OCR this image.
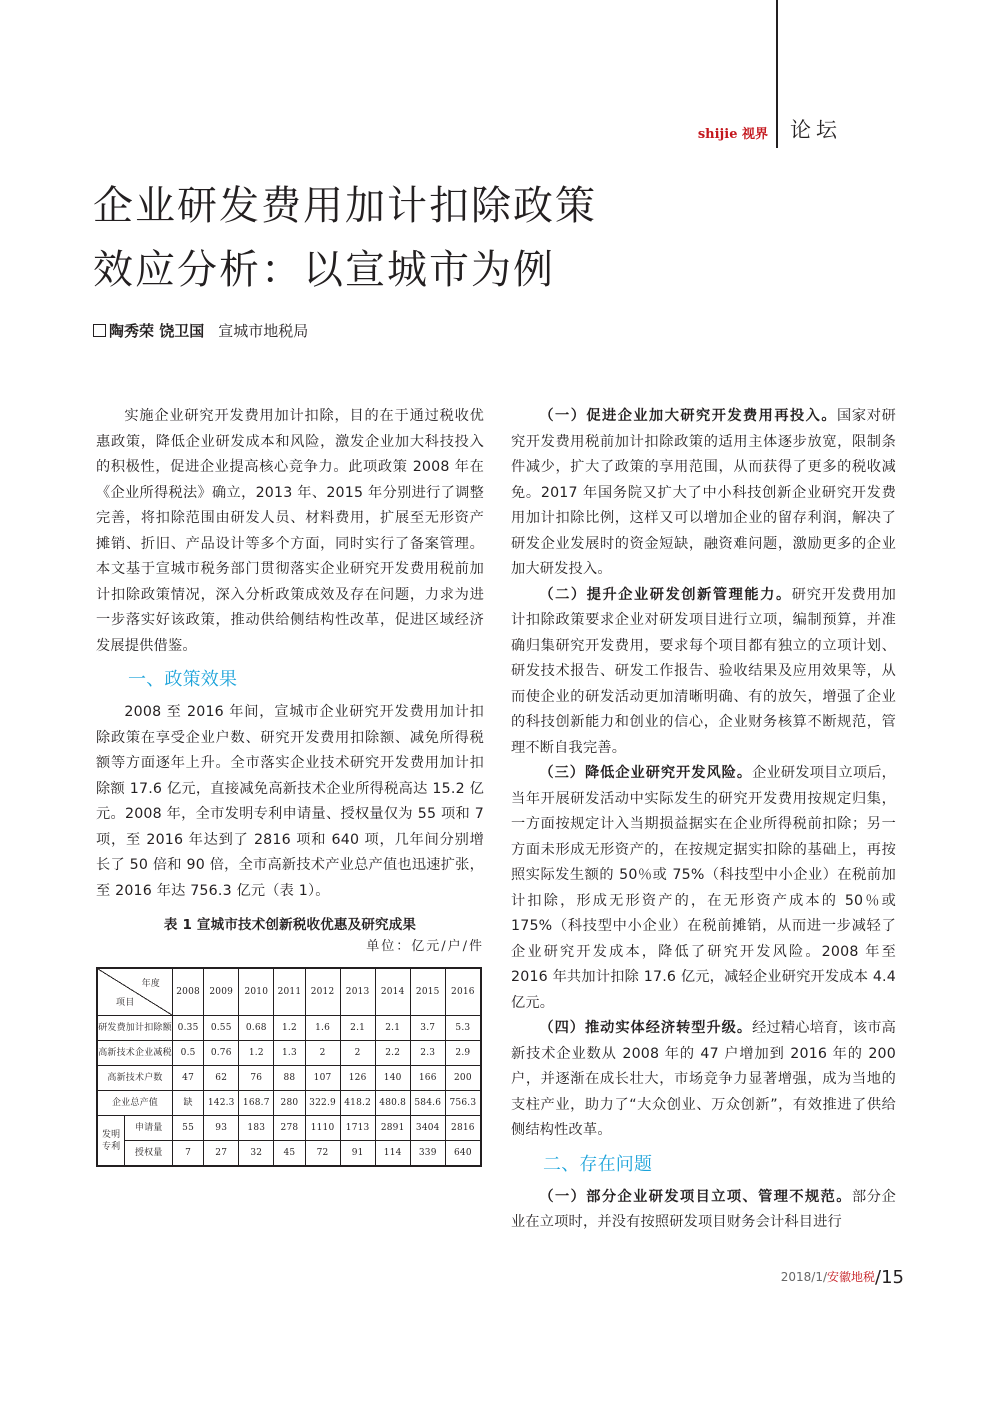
shijie 视界 论坛
企业研发费用加计扣除政策
效应分析：以宣城市为例
陶秀荣 饶卫国 宣城市地税局

实施企业研究开发费用加计扣除，目的在于通过税收优惠政策，降低企业研发成本和风险，激发企业加大科技投入的积极性，促进企业提高核心竞争力。此项政策 2008 年在《企业所得税法》确立，2013 年、2015 年分别进行了调整完善，将扣除范围由研发人员、材料费用，扩展至无形资产摊销、折旧、产品设计等多个方面，同时实行了备案管理。本文基于宣城市税务部门贯彻落实企业研究开发费用税前加计扣除政策情况，深入分析政策成效及存在问题，力求为进一步落实好该政策，推动供给侧结构性改革，促进区域经济发展提供借鉴。

一、政策效果

2008 至 2016 年间，宣城市企业研究开发费用加计扣除政策在享受企业户数、研究开发费用扣除额、减免所得税额等方面逐年上升。全市落实企业技术研究开发费用加计扣除额 17.6 亿元，直接减免高新技术企业所得税高达 15.2 亿元。2008 年，全市发明专利申请量、授权量仅为 55 项和 7 项，至 2016 年达到了 2816 项和 640 项，几年间分别增长了 50 倍和 90 倍，全市高新技术产业总产值也迅速扩张，至 2016 年达 756.3 亿元（表 1）。

表 1 宣城市技术创新税收优惠及研究成果
单位：亿元/户/件
年度
项目		2008	2009	2010	2011	2012	2013	2014	2015	2016
研发费加计扣除额		0.35	0.55	0.68	1.2	1.6	2.1	2.1	3.7	5.3
高新技术企业减税		0.5	0.76	1.2	1.3	2	2	2.2	2.3	2.9
高新技术户数		47	62	76	88	107	126	140	166	200
企业总产值		缺	142.3	168.7	280	322.9	418.2	480.8	584.6	756.3
发明专利	申请量	55	93	183	278	1110	1713	2891	3404	2816
	授权量	7	27	32	45	72	91	114	339	640

（一）促进企业加大研究开发费用再投入。国家对研究开发费用税前加计扣除政策的适用主体逐步放宽，限制条件减少，扩大了政策的享用范围，从而获得了更多的税收减免。2017 年国务院又扩大了中小科技创新企业研究开发费用加计扣除比例，这样又可以增加企业的留存利润，解决了研发企业发展时的资金短缺，融资难问题，激励更多的企业加大研发投入。

（二）提升企业研发创新管理能力。研究开发费用加计扣除政策要求企业对研发项目进行立项，编制预算，并准确归集研究开发费用，要求每个项目都有独立的立项计划、研发技术报告、研发工作报告、验收结果及应用效果等，从而使企业的研发活动更加清晰明确、有的放矢，增强了企业的科技创新能力和创业的信心，企业财务核算不断规范，管理不断自我完善。

（三）降低企业研究开发风险。企业研发项目立项后，当年开展研发活动中实际发生的研究开发费用按规定归集，一方面按规定计入当期损益据实在企业所得税前扣除；另一方面未形成无形资产的，在按规定据实扣除的基础上，再按照实际发生额的 50％或 75%（科技型中小企业）在税前加计扣除，形成无形资产的，在无形资产成本的 50％或 175%（科技型中小企业）在税前摊销，从而进一步减轻了企业研究开发成本，降低了研究开发风险。2008 年至 2016 年共加计扣除 17.6 亿元，减轻企业研究开发成本 4.4 亿元。

（四）推动实体经济转型升级。经过精心培育，该市高新技术企业数从 2008 年的 47 户增加到 2016 年的 200 户，并逐渐在成长壮大，市场竞争力显著增强，成为当地的支柱产业，助力了“大众创业、万众创新”，有效推进了供给侧结构性改革。

二、存在问题

（一）部分企业研发项目立项、管理不规范。部分企业在立项时，并没有按照研发项目财务会计科目进行

2018/1/安徽地税/15
